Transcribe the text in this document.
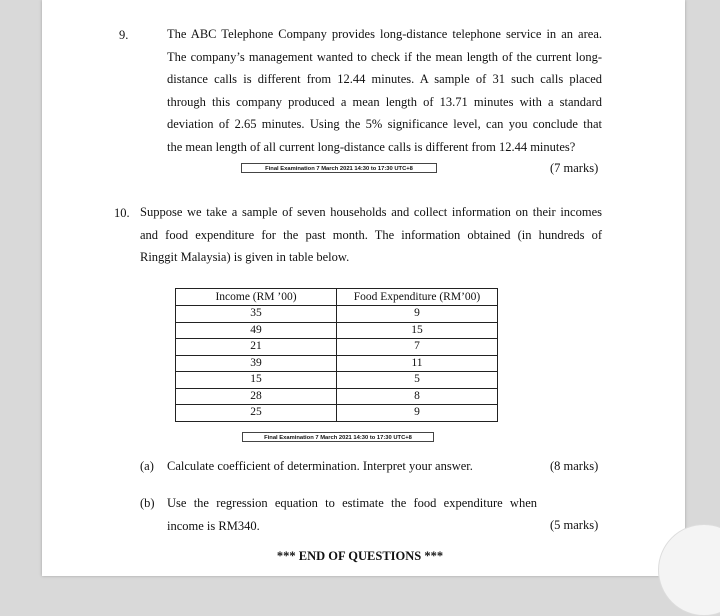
9.	The ABC Telephone Company provides long-distance telephone service in an area.
The company’s management wanted to check if the mean length of the current long-
distance calls is different from 12.44 minutes. A sample of 31 such calls placed
through this company produced a mean length of 13.71 minutes with a standard
deviation of 2.65 minutes. Using the 5% significance level, can you conclude that
the mean length of all current long-distance calls is different from 12.44 minutes?
Final Examination 7 March 2021 14:30 to 17:30 UTC+8	(7 marks)
10. Suppose we take a sample of seven households and collect information on their incomes
and food expenditure for the past month. The information obtained (in hundreds of
Ringgit Malaysia) is given in table below.
Income (RM ’00)	Food Expenditure (RM’00)
35	9
49	15
21	7
39	11
15	5
28	8
25	9
Final Examination 7 March 2021 14:30 to 17:30 UTC+8
(a) Calculate coefficient of determination. Interpret your answer.	(8 marks)
(b) Use the regression equation to estimate the food expenditure when
income is RM340.	(5 marks)
*** END OF QUESTIONS ***
